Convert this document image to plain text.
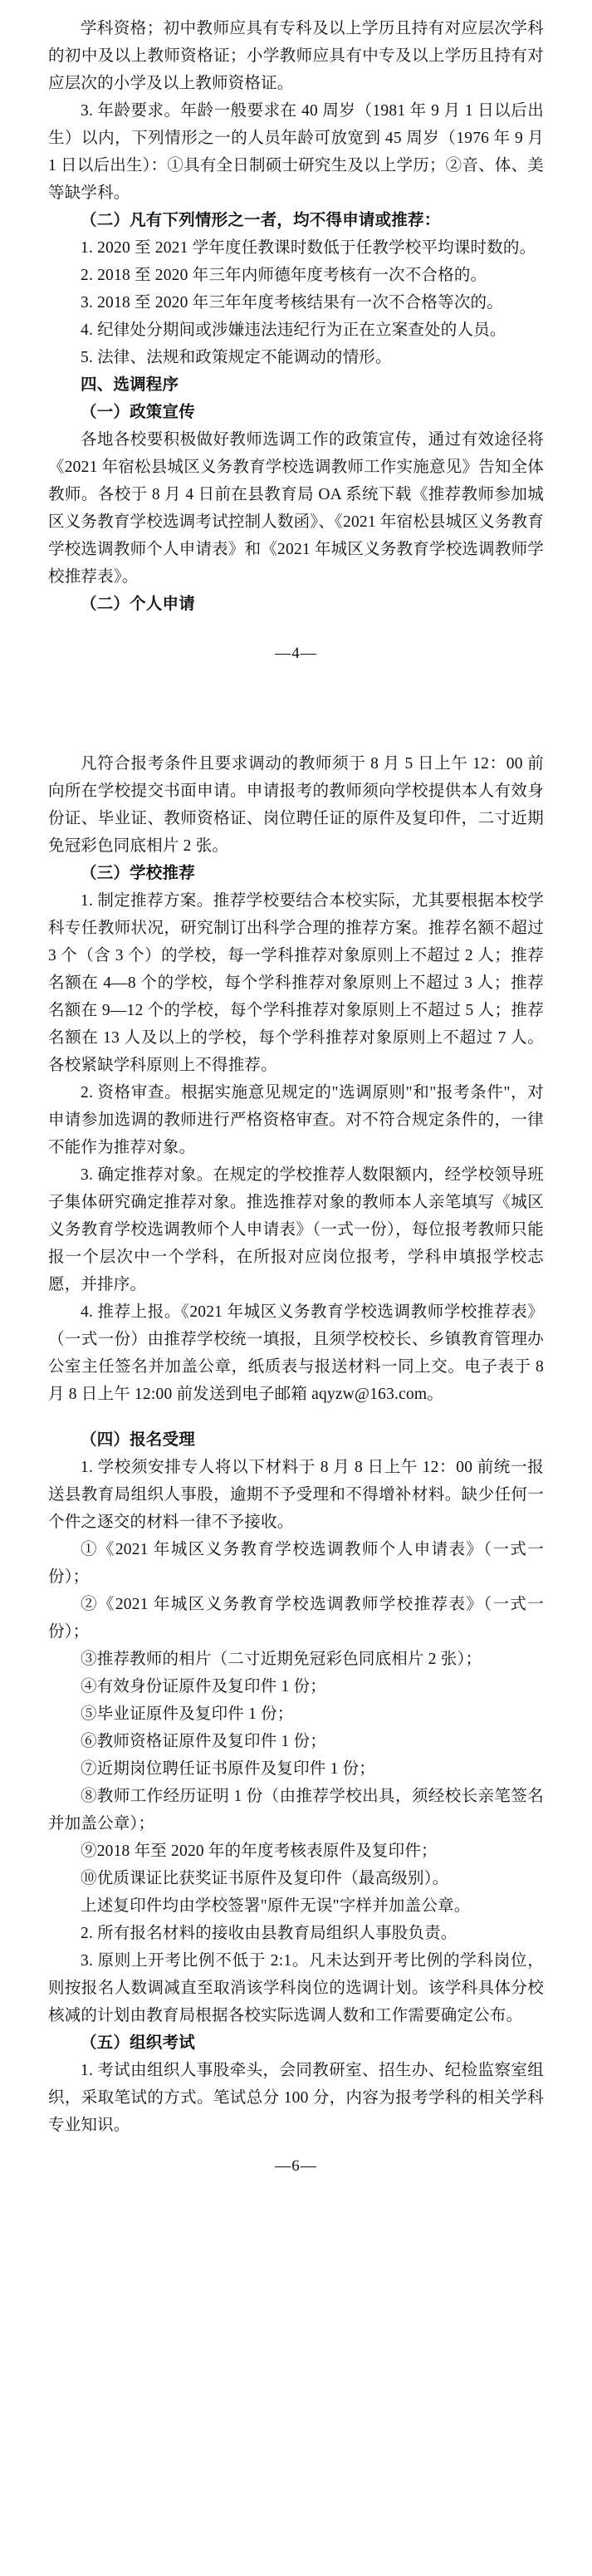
学科资格；初中教师应具有专科及以上学历且持有对应层次学科的初中及以上教师资格证；小学教师应具有中专及以上学历且持有对应层次的小学及以上教师资格证。

3. 年龄要求。年龄一般要求在 40 周岁（1981 年 9 月 1 日以后出生）以内，下列情形之一的人员年龄可放宽到 45 周岁（1976 年 9 月 1 日以后出生）：①具有全日制硕士研究生及以上学历；②音、体、美等缺学科。

（二）凡有下列情形之一者，均不得申请或推荐：

1. 2020 至 2021 学年度任教课时数低于任教学校平均课时数的。

2. 2018 至 2020 年三年内师德年度考核有一次不合格的。

3. 2018 至 2020 年三年年度考核结果有一次不合格等次的。

4. 纪律处分期间或涉嫌违法违纪行为正在立案查处的人员。

5. 法律、法规和政策规定不能调动的情形。

四、选调程序

（一）政策宣传

各地各校要积极做好教师选调工作的政策宣传，通过有效途径将《2021 年宿松县城区义务教育学校选调教师工作实施意见》告知全体教师。各校于 8 月 4 日前在县教育局 OA 系统下载《推荐教师参加城区义务教育学校选调考试控制人数函》、《2021 年宿松县城区义务教育学校选调教师个人申请表》和《2021 年城区义务教育学校选调教师学校推荐表》。

（二）个人申请

—4—

凡符合报考条件且要求调动的教师须于 8 月 5 日上午 12：00 前向所在学校提交书面申请。申请报考的教师须向学校提供本人有效身份证、毕业证、教师资格证、岗位聘任证的原件及复印件，二寸近期免冠彩色同底相片 2 张。

（三）学校推荐

1. 制定推荐方案。推荐学校要结合本校实际，尤其要根据本校学科专任教师状况，研究制订出科学合理的推荐方案。推荐名额不超过 3 个（含 3 个）的学校，每一学科推荐对象原则上不超过 2 人；推荐名额在 4—8 个的学校，每个学科推荐对象原则上不超过 3 人；推荐名额在 9—12 个的学校，每个学科推荐对象原则上不超过 5 人；推荐名额在 13 人及以上的学校，每个学科推荐对象原则上不超过 7 人。各校紧缺学科原则上不得推荐。

2. 资格审查。根据实施意见规定的"选调原则"和"报考条件"，对申请参加选调的教师进行严格资格审查。对不符合规定条件的，一律不能作为推荐对象。

3. 确定推荐对象。在规定的学校推荐人数限额内，经学校领导班子集体研究确定推荐对象。推选推荐对象的教师本人亲笔填写《城区义务教育学校选调教师个人申请表》（一式一份），每位报考教师只能报一个层次中一个学科，在所报对应岗位报考，学科申填报学校志愿，并排序。

4. 推荐上报。《2021 年城区义务教育学校选调教师学校推荐表》（一式一份）由推荐学校统一填报，且须学校校长、乡镇教育管理办公室主任签名并加盖公章，纸质表与报送材料一同上交。电子表于 8 月 8 日上午 12:00 前发送到电子邮箱 aqyzw@163.com。

（四）报名受理

1. 学校须安排专人将以下材料于 8 月 8 日上午 12：00 前统一报送县教育局组织人事股，逾期不予受理和不得增补材料。缺少任何一个件之逐交的材料一律不予接收。

①《2021 年城区义务教育学校选调教师个人申请表》（一式一份）；

②《2021 年城区义务教育学校选调教师学校推荐表》（一式一份）；

③推荐教师的相片（二寸近期免冠彩色同底相片 2 张）；

④有效身份证原件及复印件 1 份；

⑤毕业证原件及复印件 1 份；

⑥教师资格证原件及复印件 1 份；

⑦近期岗位聘任证书原件及复印件 1 份；

⑧教师工作经历证明 1 份（由推荐学校出具，须经校长亲笔签名并加盖公章）；

⑨2018 年至 2020 年的年度考核表原件及复印件；

⑩优质课证比获奖证书原件及复印件（最高级别）。

上述复印件均由学校签署"原件无误"字样并加盖公章。

2. 所有报名材料的接收由县教育局组织人事股负责。

3. 原则上开考比例不低于 2:1。凡未达到开考比例的学科岗位，则按报名人数调减直至取消该学科岗位的选调计划。该学科具体分校核减的计划由教育局根据各校实际选调人数和工作需要确定公布。

（五）组织考试

1. 考试由组织人事股牵头，会同教研室、招生办、纪检监察室组织，采取笔试的方式。笔试总分 100 分，内容为报考学科的相关学科专业知识。

—6—
